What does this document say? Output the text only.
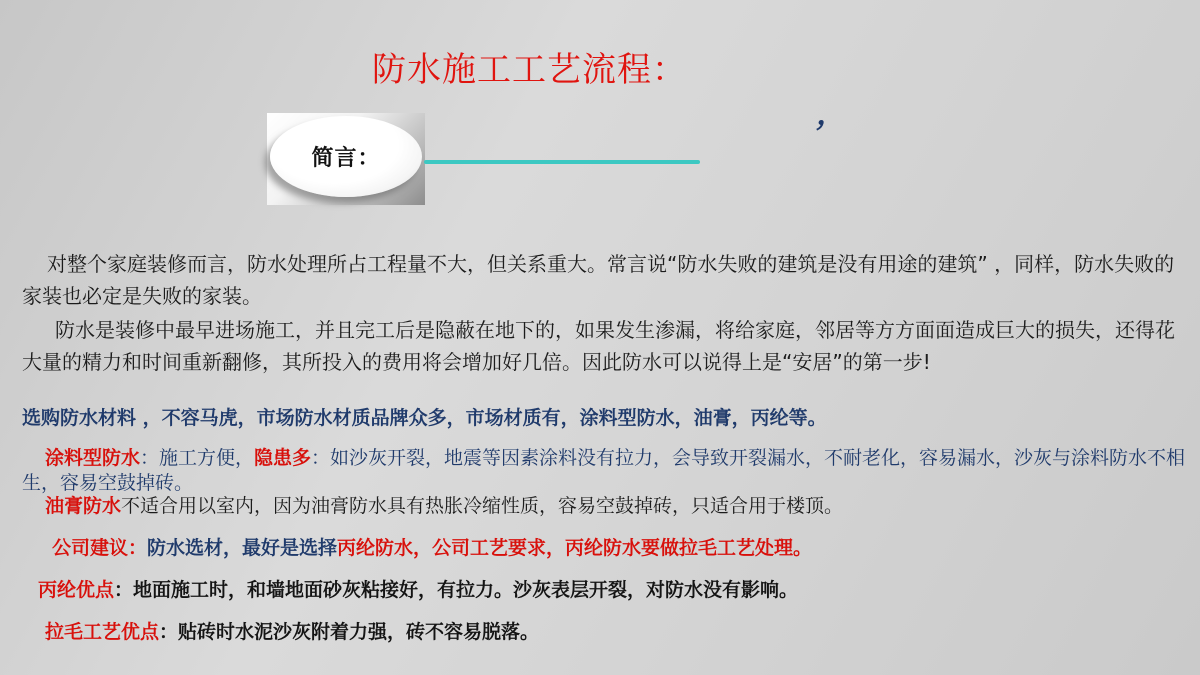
防水施工工艺流程：
简言：
，

对整个家庭装修而言，防水处理所占工程量不大，但关系重大。常言说“防水失败的建筑是没有用途的建筑” ，同样，防水失败的家装也必定是失败的家装。

防水是装修中最早进场施工，并且完工后是隐蔽在地下的，如果发生渗漏，将给家庭，邻居等方方面面造成巨大的损失，还得花大量的精力和时间重新翻修，其所投入的费用将会增加好几倍。因此防水可以说得上是“安居”的第一步!

选购防水材料 ，不容马虎，市场防水材质品牌众多，市场材质有，涂料型防水，油膏，丙纶等。

涂料型防水：施工方便，隐患多：如沙灰开裂，地震等因素涂料没有拉力，会导致开裂漏水，不耐老化，容易漏水，沙灰与涂料防水不相生，容易空鼓掉砖。

油膏防水不适合用以室内，因为油膏防水具有热胀冷缩性质，容易空鼓掉砖，只适合用于楼顶。

公司建议：防水选材，最好是选择丙纶防水，公司工艺要求，丙纶防水要做拉毛工艺处理。

丙纶优点：地面施工时，和墙地面砂灰粘接好，有拉力。沙灰表层开裂，对防水没有影响。

拉毛工艺优点：贴砖时水泥沙灰附着力强，砖不容易脱落。
